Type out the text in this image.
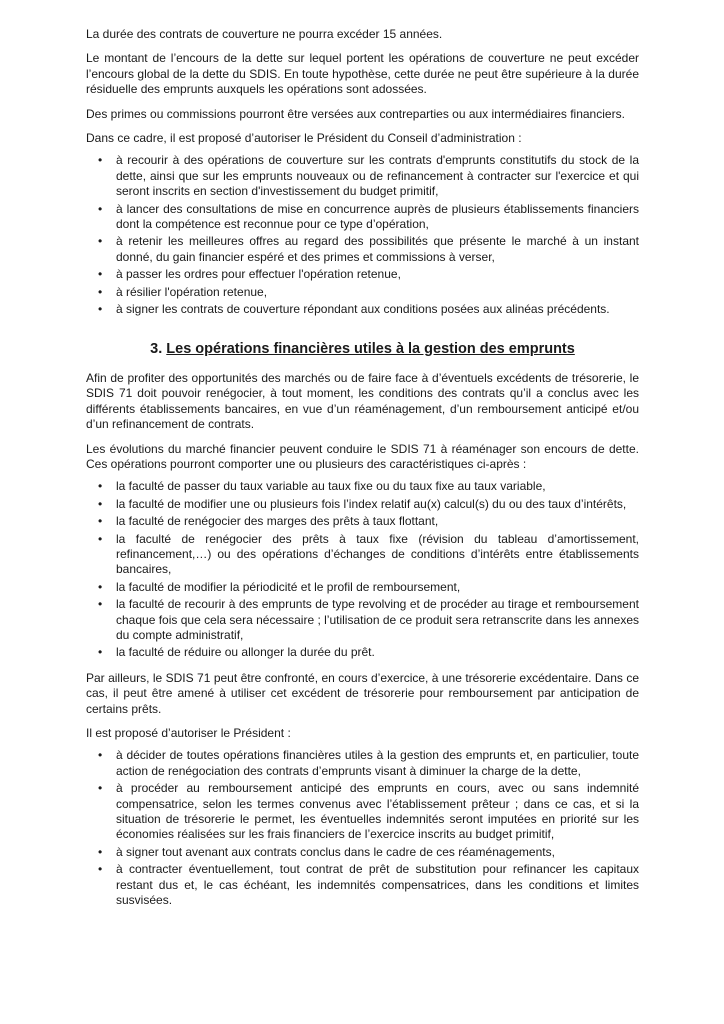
La durée des contrats de couverture ne pourra excéder 15 années.

Le montant de l’encours de la dette sur lequel portent les opérations de couverture ne peut excéder l’encours global de la dette du SDIS. En toute hypothèse, cette durée ne peut être supérieure à la durée résiduelle des emprunts auxquels les opérations sont adossées.

Des primes ou commissions pourront être versées aux contreparties ou aux intermédiaires financiers.

Dans ce cadre, il est proposé d’autoriser le Président du Conseil d’administration :

• à recourir à des opérations de couverture sur les contrats d'emprunts constitutifs du stock de la dette, ainsi que sur les emprunts nouveaux ou de refinancement à contracter sur l'exercice et qui seront inscrits en section d'investissement du budget primitif,
• à lancer des consultations de mise en concurrence auprès de plusieurs établissements financiers dont la compétence est reconnue pour ce type d’opération,
• à retenir les meilleures offres au regard des possibilités que présente le marché à un instant donné, du gain financier espéré et des primes et commissions à verser,
• à passer les ordres pour effectuer l'opération retenue,
• à résilier l'opération retenue,
• à signer les contrats de couverture répondant aux conditions posées aux alinéas précédents.
3. Les opérations financières utiles à la gestion des emprunts

Afin de profiter des opportunités des marchés ou de faire face à d’éventuels excédents de trésorerie, le SDIS 71 doit pouvoir renégocier, à tout moment, les conditions des contrats qu’il a conclus avec les différents établissements bancaires, en vue d’un réaménagement, d’un remboursement anticipé et/ou d’un refinancement de contrats.

Les évolutions du marché financier peuvent conduire le SDIS 71 à réaménager son encours de dette. Ces opérations pourront comporter une ou plusieurs des caractéristiques ci-après :

• la faculté de passer du taux variable au taux fixe ou du taux fixe au taux variable,
• la faculté de modifier une ou plusieurs fois l’index relatif au(x) calcul(s) du ou des taux d’intérêts,
• la faculté de renégocier des marges des prêts à taux flottant,
• la faculté de renégocier des prêts à taux fixe (révision du tableau d’amortissement, refinancement,…) ou des opérations d’échanges de conditions d’intérêts entre établissements bancaires,
• la faculté de modifier la périodicité et le profil de remboursement,
• la faculté de recourir à des emprunts de type revolving et de procéder au tirage et remboursement chaque fois que cela sera nécessaire ; l’utilisation de ce produit sera retranscrite dans les annexes du compte administratif,
• la faculté de réduire ou allonger la durée du prêt.

Par ailleurs, le SDIS 71 peut être confronté, en cours d’exercice, à une trésorerie excédentaire. Dans ce cas, il peut être amené à utiliser cet excédent de trésorerie pour remboursement par anticipation de certains prêts.

Il est proposé d’autoriser le Président :

• à décider de toutes opérations financières utiles à la gestion des emprunts et, en particulier, toute action de renégociation des contrats d’emprunts visant à diminuer la charge de la dette,
• à procéder au remboursement anticipé des emprunts en cours, avec ou sans indemnité compensatrice, selon les termes convenus avec l’établissement prêteur ; dans ce cas, et si la situation de trésorerie le permet, les éventuelles indemnités seront imputées en priorité sur les économies réalisées sur les frais financiers de l’exercice inscrits au budget primitif,
• à signer tout avenant aux contrats conclus dans le cadre de ces réaménagements,
• à contracter éventuellement, tout contrat de prêt de substitution pour refinancer les capitaux restant dus et, le cas échéant, les indemnités compensatrices, dans les conditions et limites susvisées.
